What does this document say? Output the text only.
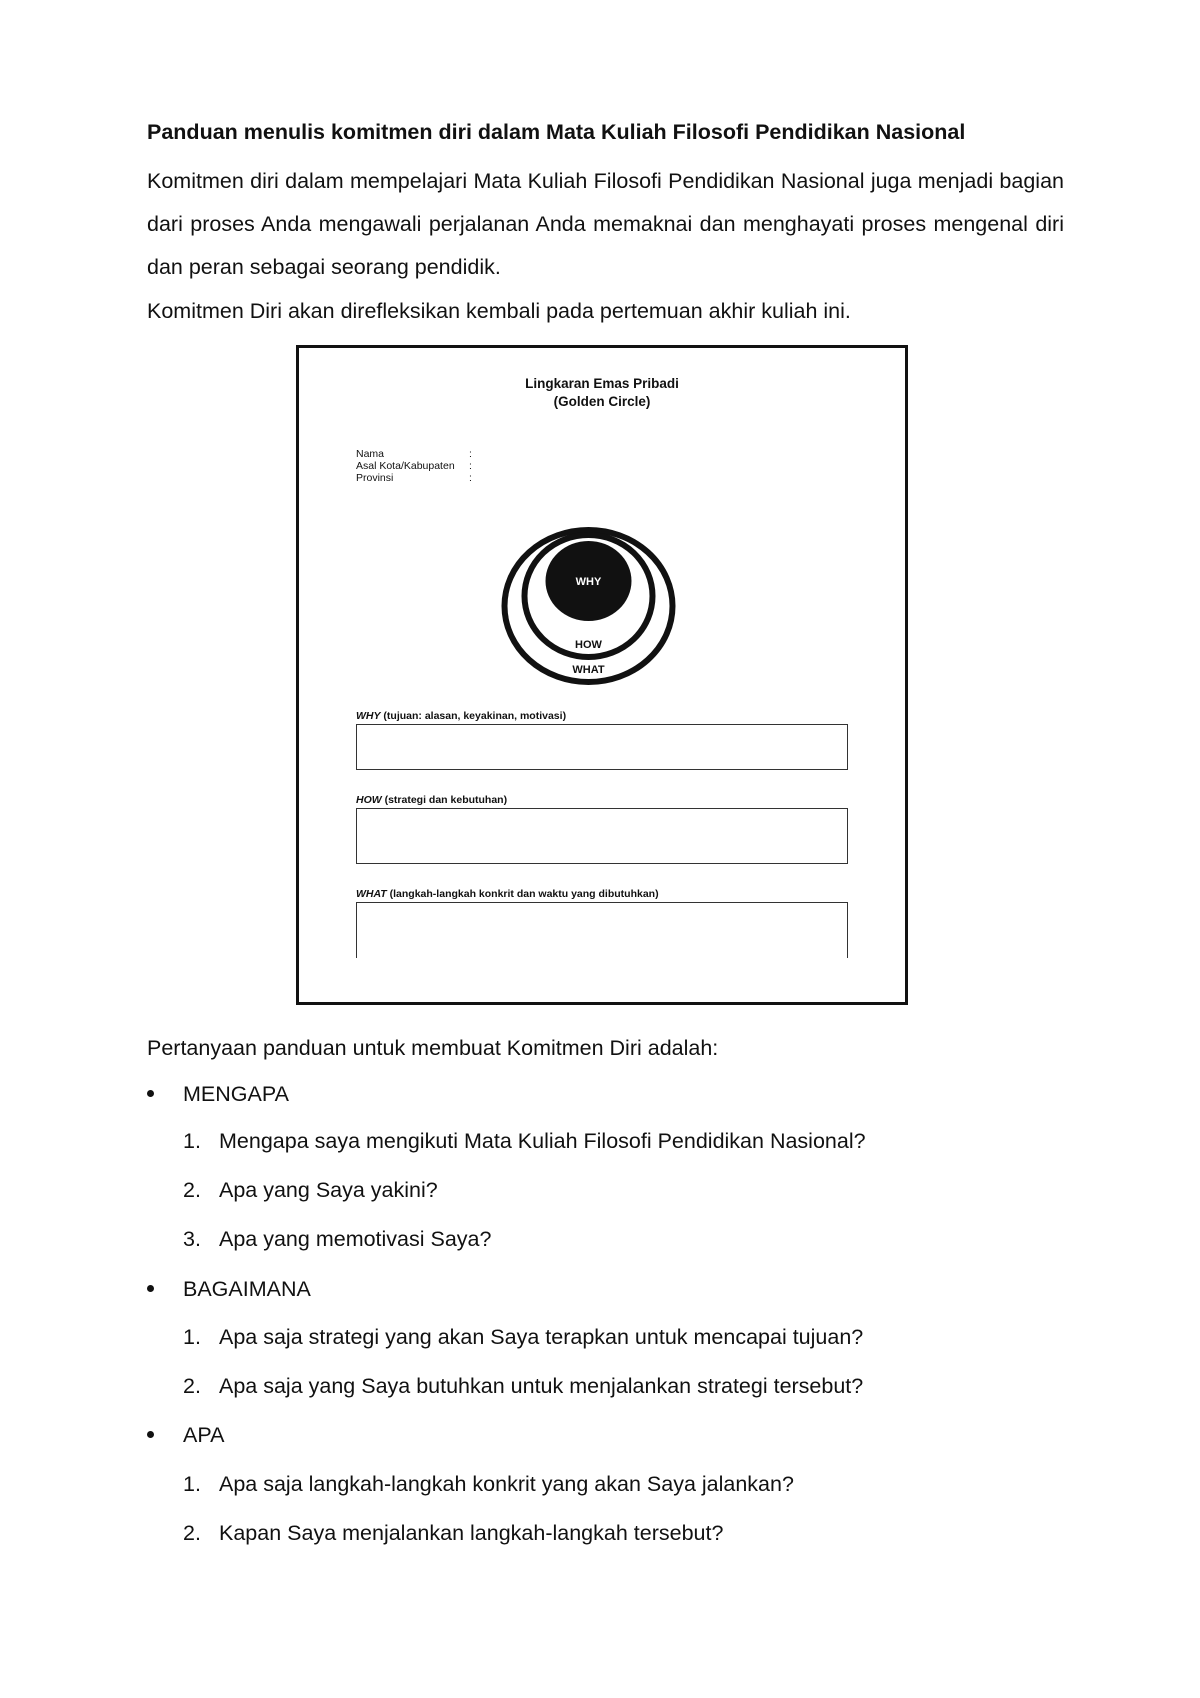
Panduan menulis komitmen diri dalam Mata Kuliah Filosofi Pendidikan Nasional

Komitmen diri dalam mempelajari Mata Kuliah Filosofi Pendidikan Nasional juga menjadi bagian dari proses Anda mengawali perjalanan Anda memaknai dan menghayati proses mengenal diri dan peran sebagai seorang pendidik.

Komitmen Diri akan direfleksikan kembali pada pertemuan akhir kuliah ini.

Lingkaran Emas Pribadi
(Golden Circle)
Nama	:
Asal Kota/Kabupaten :
Provinsi	:
WHY
HOW
WHAT
WHY (tujuan: alasan, keyakinan, motivasi)
HOW (strategi dan kebutuhan)
WHAT (langkah-langkah konkrit dan waktu yang dibutuhkan)

Pertanyaan panduan untuk membuat Komitmen Diri adalah:

MENGAPA
1. Mengapa saya mengikuti Mata Kuliah Filosofi Pendidikan Nasional?
2. Apa yang Saya yakini?
3. Apa yang memotivasi Saya?
BAGAIMANA
1. Apa saja strategi yang akan Saya terapkan untuk mencapai tujuan?
2. Apa saja yang Saya butuhkan untuk menjalankan strategi tersebut?
APA
1. Apa saja langkah-langkah konkrit yang akan Saya jalankan?
2. Kapan Saya menjalankan langkah-langkah tersebut?
